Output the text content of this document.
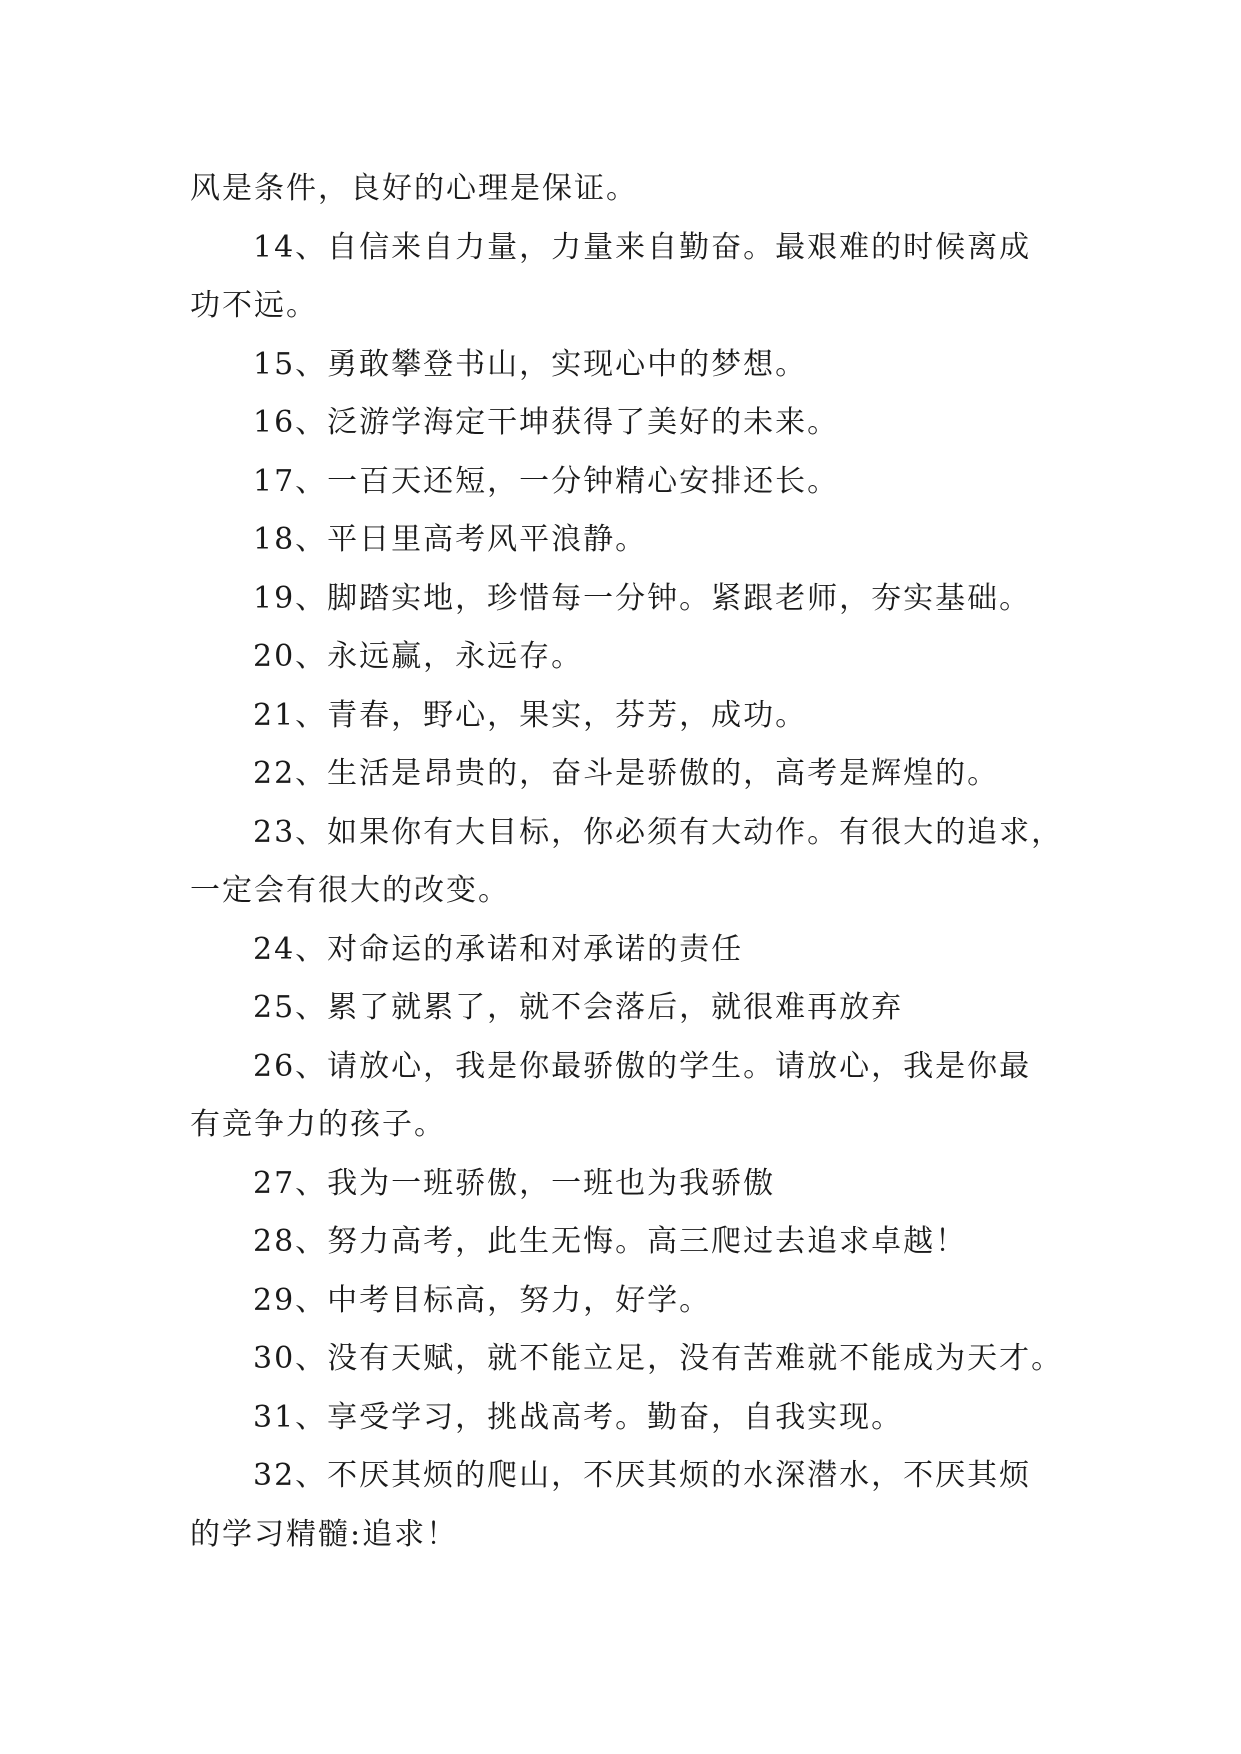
风是条件，良好的心理是保证。
14、自信来自力量，力量来自勤奋。最艰难的时候离成
功不远。
15、勇敢攀登书山，实现心中的梦想。
16、泛游学海定干坤获得了美好的未来。
17、一百天还短，一分钟精心安排还长。
18、平日里高考风平浪静。
19、脚踏实地，珍惜每一分钟。紧跟老师，夯实基础。
20、永远赢，永远存。
21、青春，野心，果实，芬芳，成功。
22、生活是昂贵的，奋斗是骄傲的，高考是辉煌的。
23、如果你有大目标，你必须有大动作。有很大的追求，
一定会有很大的改变。
24、对命运的承诺和对承诺的责任
25、累了就累了，就不会落后，就很难再放弃
26、请放心，我是你最骄傲的学生。请放心，我是你最
有竞争力的孩子。
27、我为一班骄傲，一班也为我骄傲
28、努力高考，此生无悔。高三爬过去追求卓越！
29、中考目标高，努力，好学。
30、没有天赋，就不能立足，没有苦难就不能成为天才。
31、享受学习，挑战高考。勤奋，自我实现。
32、不厌其烦的爬山，不厌其烦的水深潜水，不厌其烦
的学习精髓:追求！
